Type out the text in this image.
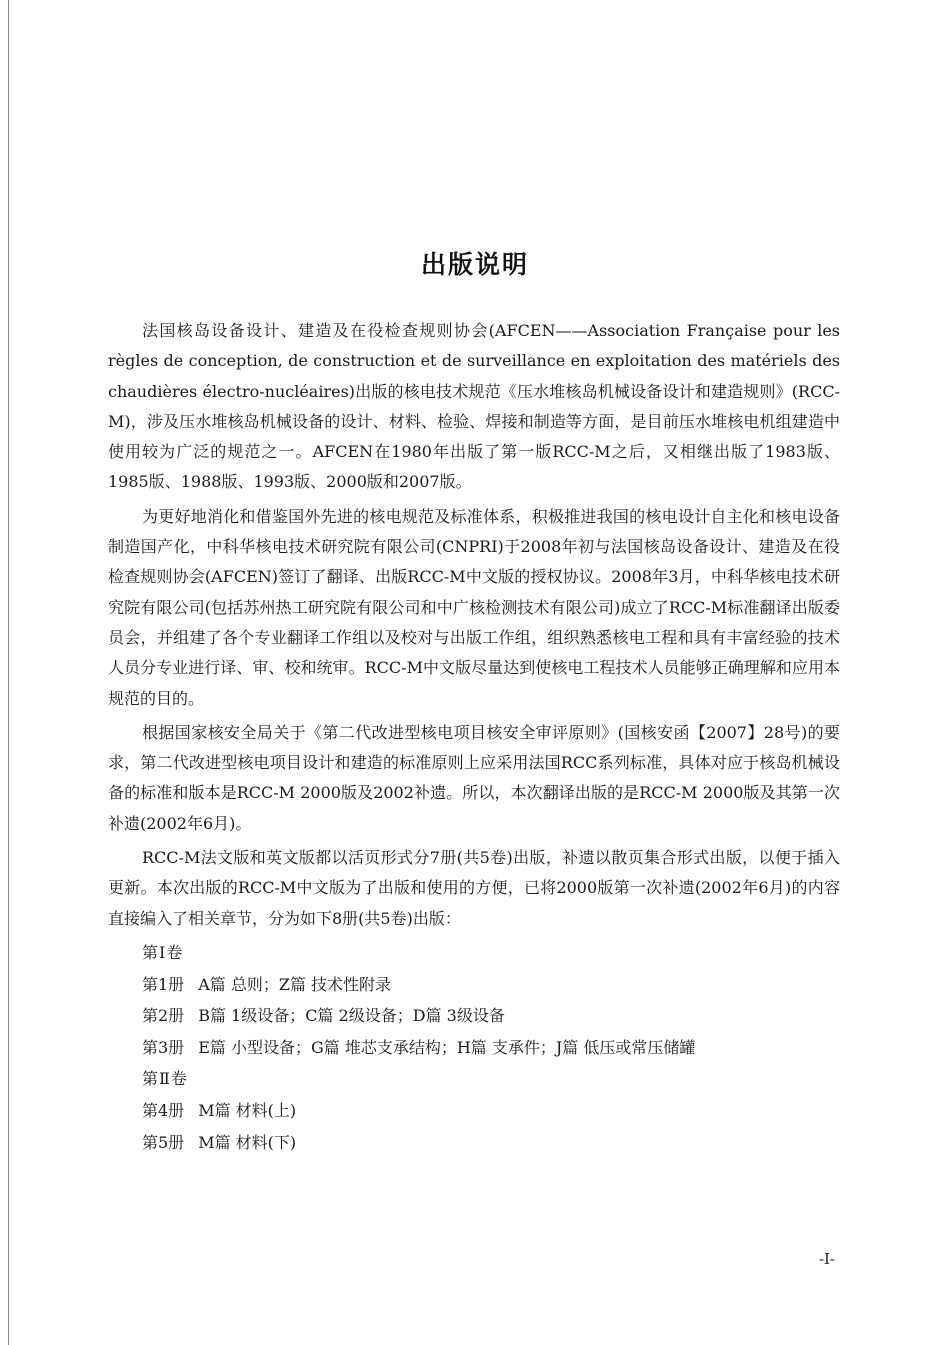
出版说明

法国核岛设备设计、建造及在役检查规则协会(AFCEN——Association Française pour les règles de conception, de construction et de surveillance en exploitation des matériels des chaudières électro-nucléaires)出版的核电技术规范《压水堆核岛机械设备设计和建造规则》(RCC-M)，涉及压水堆核岛机械设备的设计、材料、检验、焊接和制造等方面，是目前压水堆核电机组建造中使用较为广泛的规范之一。AFCEN在1980年出版了第一版RCC-M之后，又相继出版了1983版、1985版、1988版、1993版、2000版和2007版。

为更好地消化和借鉴国外先进的核电规范及标准体系，积极推进我国的核电设计自主化和核电设备制造国产化，中科华核电技术研究院有限公司(CNPRI)于2008年初与法国核岛设备设计、建造及在役检查规则协会(AFCEN)签订了翻译、出版RCC-M中文版的授权协议。2008年3月，中科华核电技术研究院有限公司(包括苏州热工研究院有限公司和中广核检测技术有限公司)成立了RCC-M标准翻译出版委员会，并组建了各个专业翻译工作组以及校对与出版工作组，组织熟悉核电工程和具有丰富经验的技术人员分专业进行译、审、校和统审。RCC-M中文版尽量达到使核电工程技术人员能够正确理解和应用本规范的目的。

根据国家核安全局关于《第二代改进型核电项目核安全审评原则》(国核安函【2007】28号)的要求，第二代改进型核电项目设计和建造的标准原则上应采用法国RCC系列标准，具体对应于核岛机械设备的标准和版本是RCC-M 2000版及2002补遗。所以，本次翻译出版的是RCC-M 2000版及其第一次补遗(2002年6月)。

RCC-M法文版和英文版都以活页形式分7册(共5卷)出版，补遗以散页集合形式出版，以便于插入更新。本次出版的RCC-M中文版为了出版和使用的方便，已将2000版第一次补遗(2002年6月)的内容直接编入了相关章节，分为如下8册(共5卷)出版：

第Ⅰ卷
第1册 A篇 总则；Z篇 技术性附录
第2册 B篇 1级设备；C篇 2级设备；D篇 3级设备
第3册 E篇 小型设备；G篇 堆芯支承结构；H篇 支承件；J篇 低压或常压储罐
第Ⅱ卷
第4册 M篇 材料(上)
第5册 M篇 材料(下)
-I-
